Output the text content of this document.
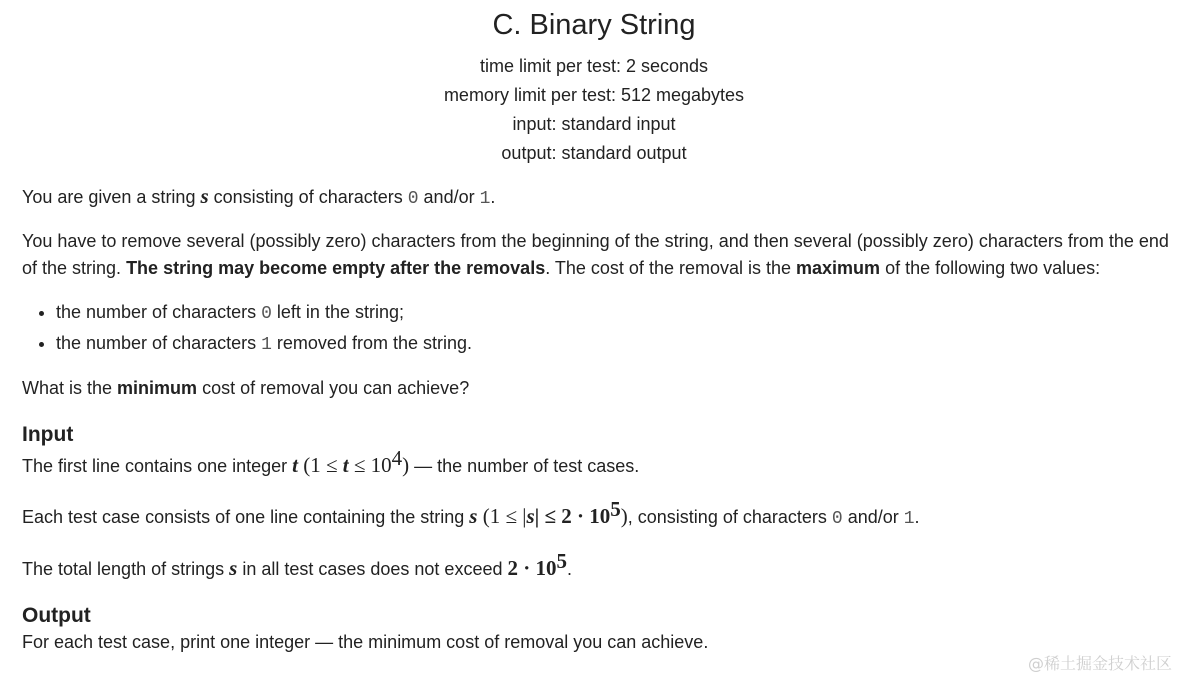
C. Binary String
time limit per test: 2 seconds
memory limit per test: 512 megabytes
input: standard input
output: standard output

You are given a string s consisting of characters 0 and/or 1.

You have to remove several (possibly zero) characters from the beginning of the string, and then several (possibly zero) characters from the end of the string. The string may become empty after the removals. The cost of the removal is the maximum of the following two values:

• the number of characters 0 left in the string;
• the number of characters 1 removed from the string.

What is the minimum cost of removal you can achieve?

Input

The first line contains one integer t $(1 \le t \le 10^4)$ — the number of test cases.

Each test case consists of one line containing the string s $(1 \le |s| \le 2 \cdot 10^5)$, consisting of characters 0 and/or 1.

The total length of strings s in all test cases does not exceed $2 \cdot 10^5$.

Output

For each test case, print one integer — the minimum cost of removal you can achieve.

@稀土掘金技术社区
